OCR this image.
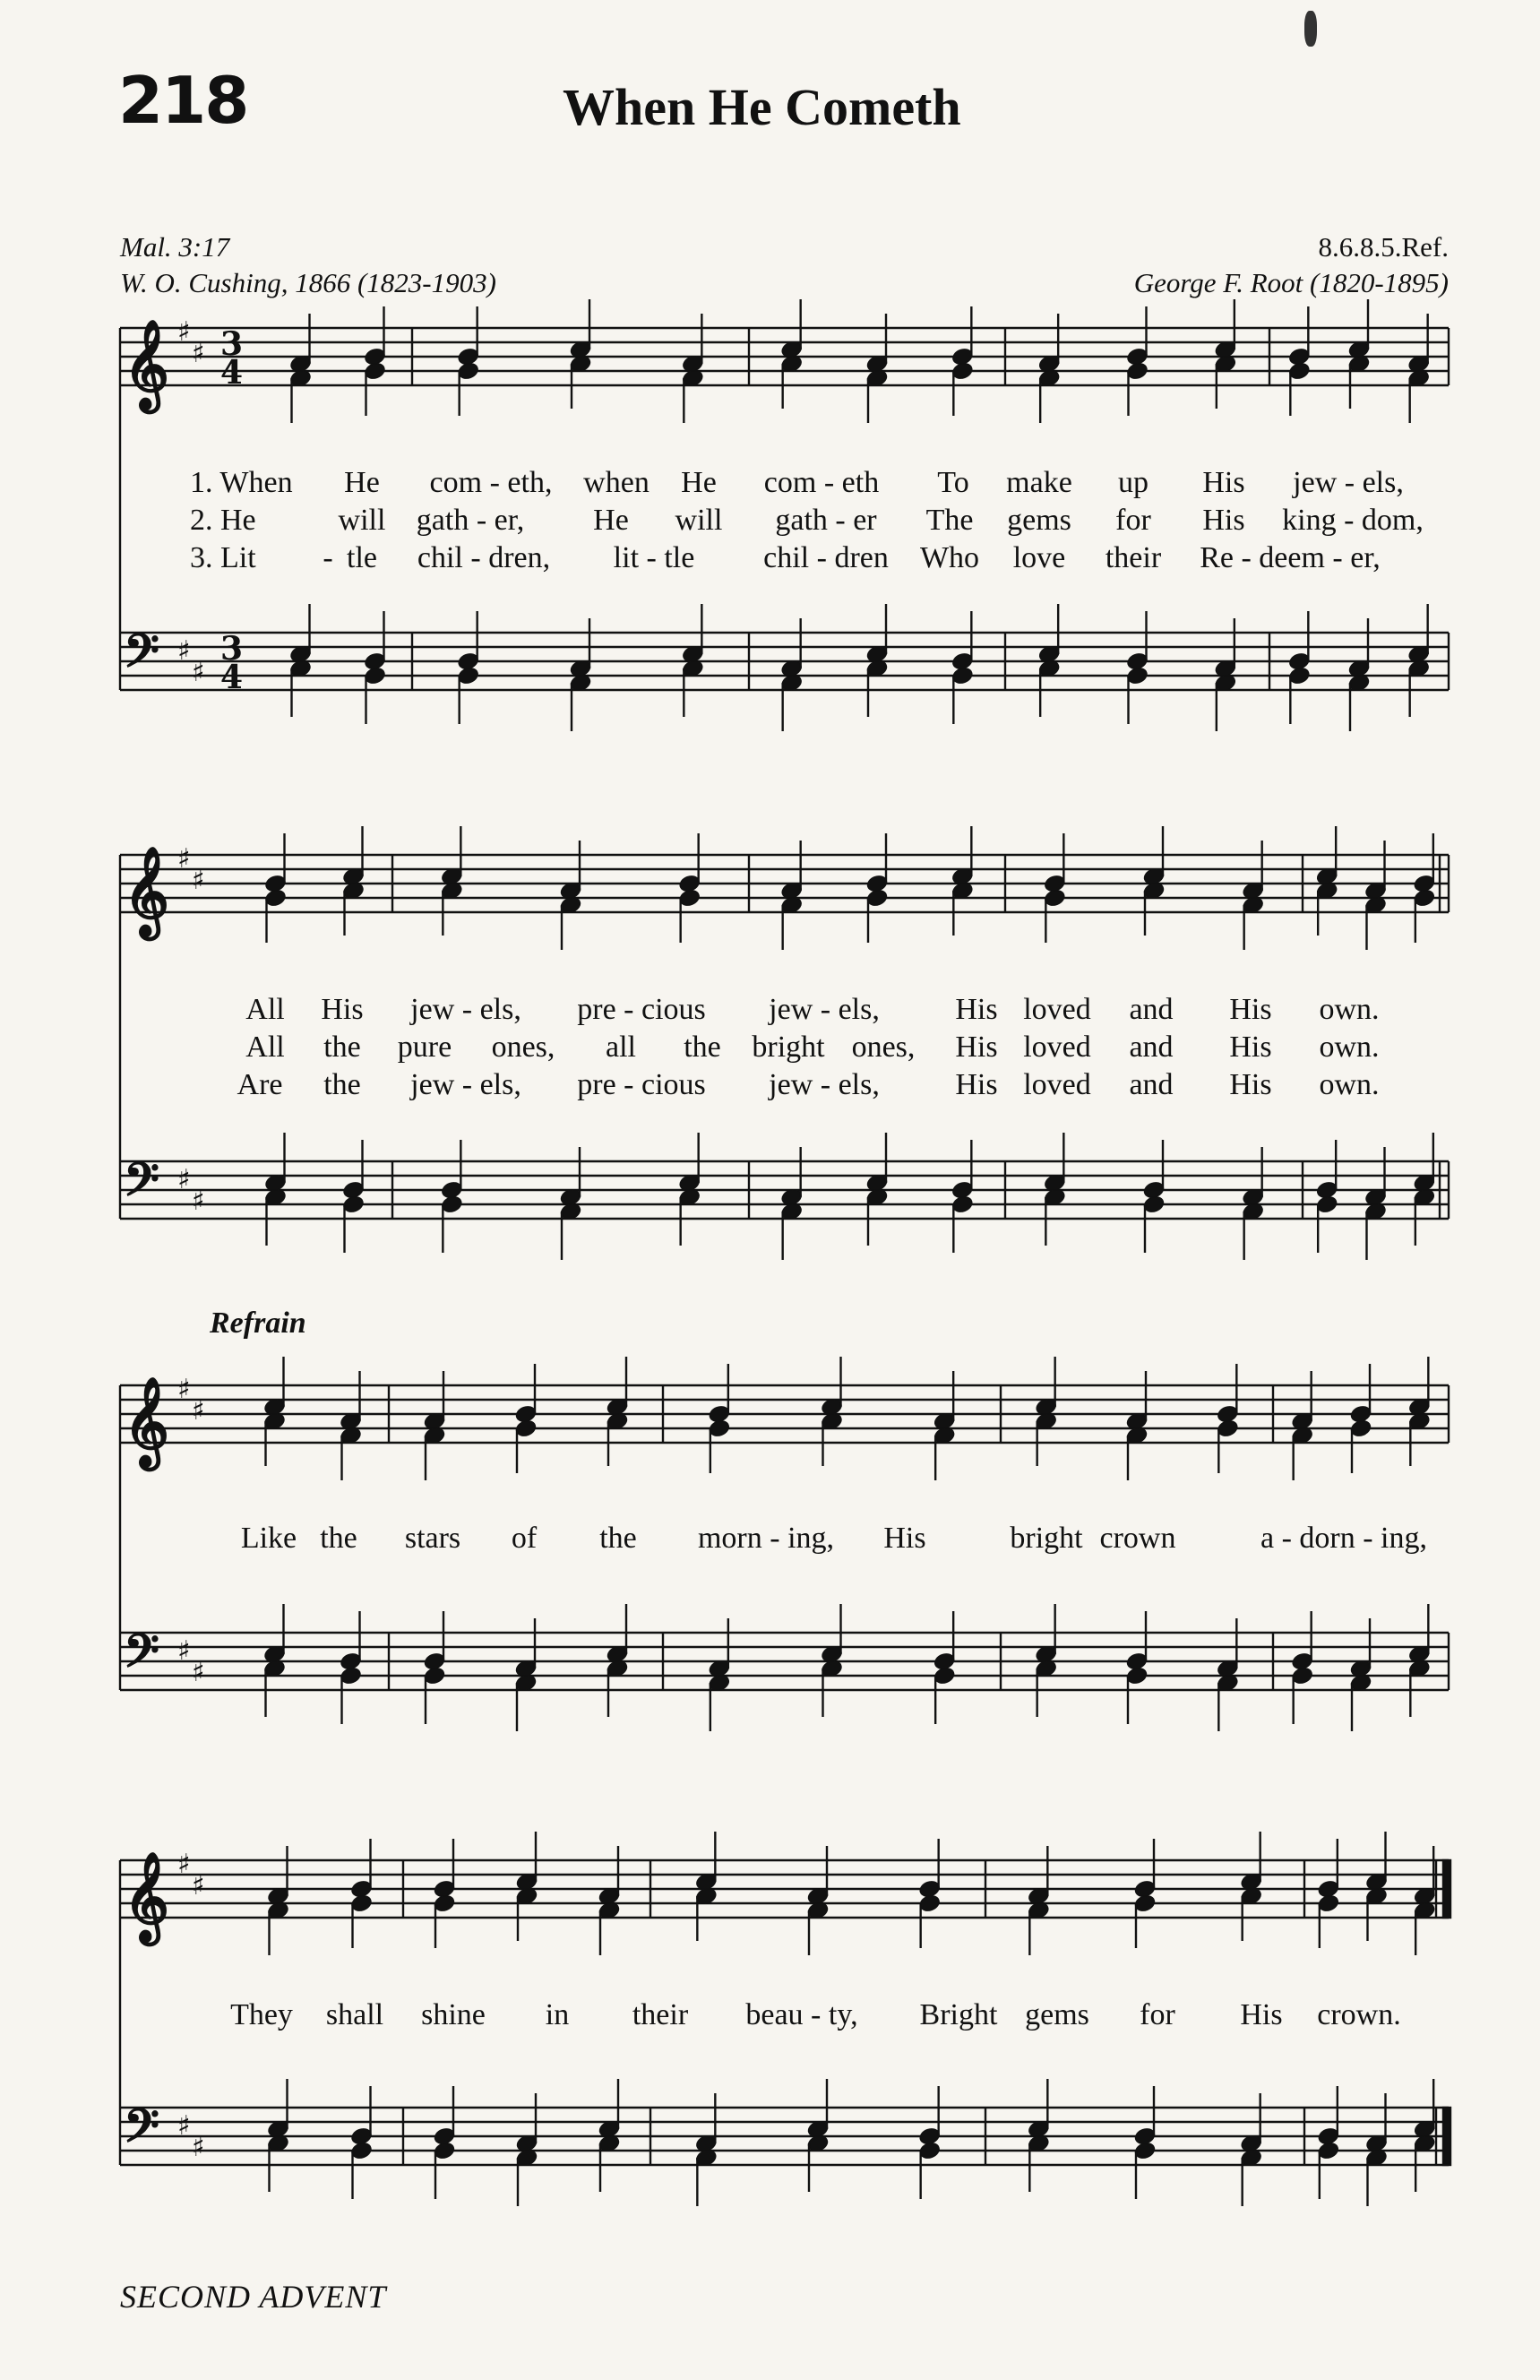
218	When He Cometh
Mal. 3:17
W. O. Cushing, 1866 (1823-1903)
8.6.8.5.Ref.
George F. Root (1820-1895)
𝄞 ♯
♯ 3
4
𝄢 ♯
♯
3
4
𝄞 ♯
♯
𝄢 ♯
♯
𝄞 ♯
♯
𝄢 ♯
♯
𝄞 ♯
♯
𝄢 ♯
♯
1. When He com - eth, when He com - eth To make up His jew - els,
2. He	will gath - er, He will gath - er The gems for His king - dom,
3. Lit - tle chil - dren, lit - tle chil - dren Who love their Re - deem - er,
All His jew - els, pre - cious jew - els, His loved and His own.
All the pure ones, all the bright ones, His loved and His own.
Are the jew - els, pre - cious jew - els, His loved and His own.
Refrain
Like the stars of the morn - ing, His	bright crown	a - dorn - ing,
They shall shine in their beau - ty, Bright gems for His crown.
SECOND ADVENT
